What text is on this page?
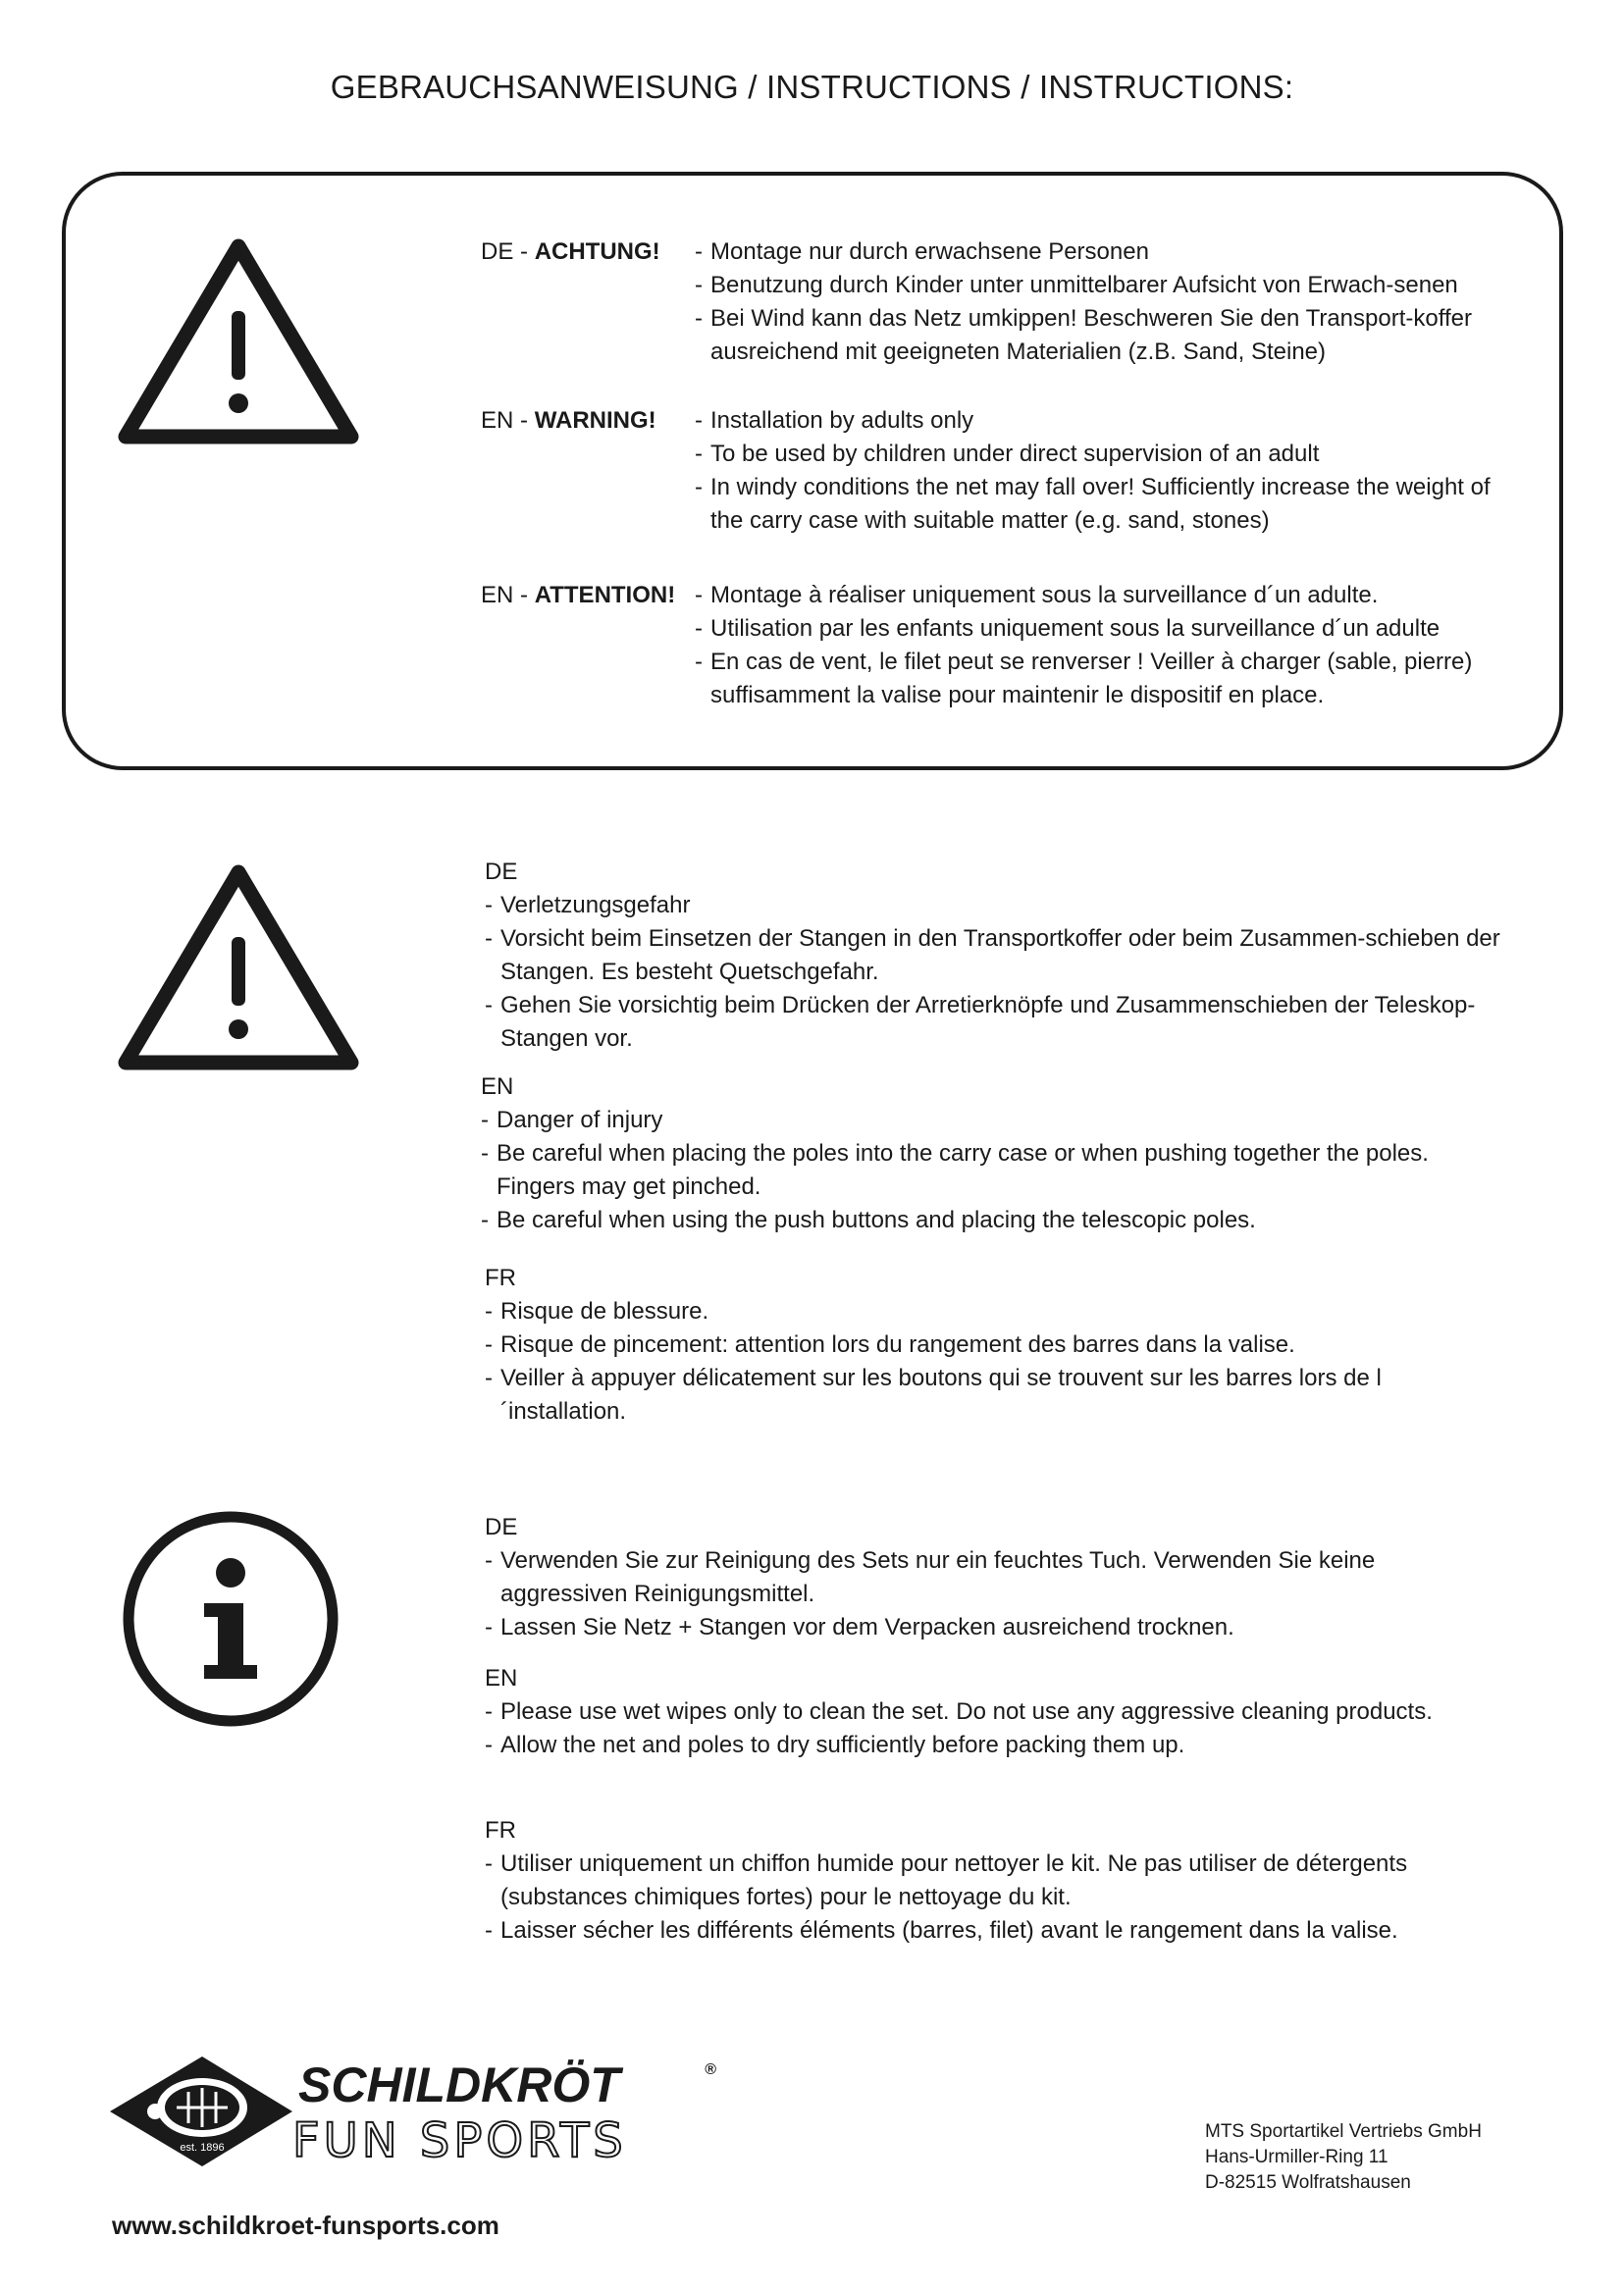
GEBRAUCHSANWEISUNG / INSTRUCTIONS / INSTRUCTIONS:
DE - ACHTUNG!	- Montage nur durch erwachsene Personen
- Benutzung durch Kinder unter unmittelbarer Aufsicht von Erwach-senen
- Bei Wind kann das Netz umkippen! Beschweren Sie den Transport-koffer ausreichend mit geeigneten Materialien (z.B. Sand, Steine)
EN - WARNING!	- Installation by adults only
- To be used by children under direct supervision of an adult
- In windy conditions the net may fall over! Sufficiently increase the weight of the carry case with suitable matter (e.g. sand, stones)
EN - ATTENTION!	- Montage à réaliser uniquement sous la surveillance d´un adulte.
- Utilisation par les enfants uniquement sous la surveillance d´un adulte
- En cas de vent, le filet peut se renverser ! Veiller à charger (sable, pierre) suffisamment la valise pour maintenir le dispositif en place.
DE
- Verletzungsgefahr
- Vorsicht beim Einsetzen der Stangen in den Transportkoffer oder beim Zusammen-schieben der Stangen. Es besteht Quetschgefahr.
- Gehen Sie vorsichtig beim Drücken der Arretierknöpfe und Zusammenschieben der Teleskop-Stangen vor.
EN
- Danger of injury
- Be careful when placing the poles into the carry case or when pushing together the poles. Fingers may get pinched.
- Be careful when using the push buttons and placing the telescopic poles.
FR
- Risque de blessure.
- Risque de pincement: attention lors du rangement des barres dans la valise.
- Veiller à appuyer délicatement sur les boutons qui se trouvent sur les barres lors de l´installation.
DE
- Verwenden Sie zur Reinigung des Sets nur ein feuchtes Tuch. Verwenden Sie keine aggressiven Reinigungsmittel.
- Lassen Sie Netz + Stangen vor dem Verpacken ausreichend trocknen.
EN
- Please use wet wipes only to clean the set. Do not use any aggressive cleaning products.
- Allow the net and poles to dry sufficiently before packing them up.
FR
- Utiliser uniquement un chiffon humide pour nettoyer le kit. Ne pas utiliser de détergents (substances chimiques fortes) pour le nettoyage du kit.
- Laisser sécher les différents éléments (barres, filet) avant le rangement dans la valise.
est. 1896
SCHILDKRÖT	®
FUN SPORTS	MTS Sportartikel Vertriebs GmbH
Hans-Urmiller-Ring 11
D-82515 Wolfratshausen
www.schildkroet-funsports.com
